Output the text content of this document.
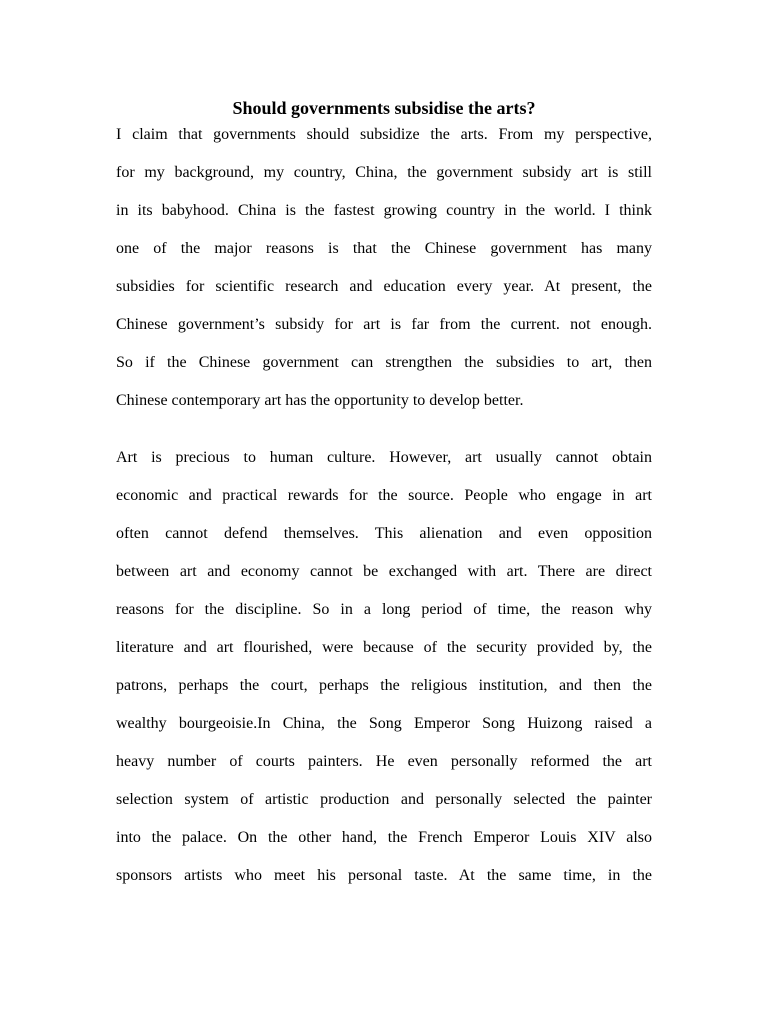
Should governments subsidise the arts?
I claim that governments should subsidize the arts. From my perspective,
for my background, my country, China, the government subsidy art is still
in its babyhood. China is the fastest growing country in the world. I think
one of the major reasons is that the Chinese government has many
subsidies for scientific research and education every year. At present, the
Chinese government’s subsidy for art is far from the current. not enough.
So if the Chinese government can strengthen the subsidies to art, then
Chinese contemporary art has the opportunity to develop better.
Art is precious to human culture. However, art usually cannot obtain
economic and practical rewards for the source. People who engage in art
often cannot defend themselves. This alienation and even opposition
between art and economy cannot be exchanged with art. There are direct
reasons for the discipline. So in a long period of time, the reason why
literature and art flourished, were because of the security provided by, the
patrons, perhaps the court, perhaps the religious institution, and then the
wealthy bourgeoisie.In China, the Song Emperor Song Huizong raised a
heavy number of courts painters. He even personally reformed the art
selection system of artistic production and personally selected the painter
into the palace. On the other hand, the French Emperor Louis XIV also
sponsors artists who meet his personal taste. At the same time, in the
